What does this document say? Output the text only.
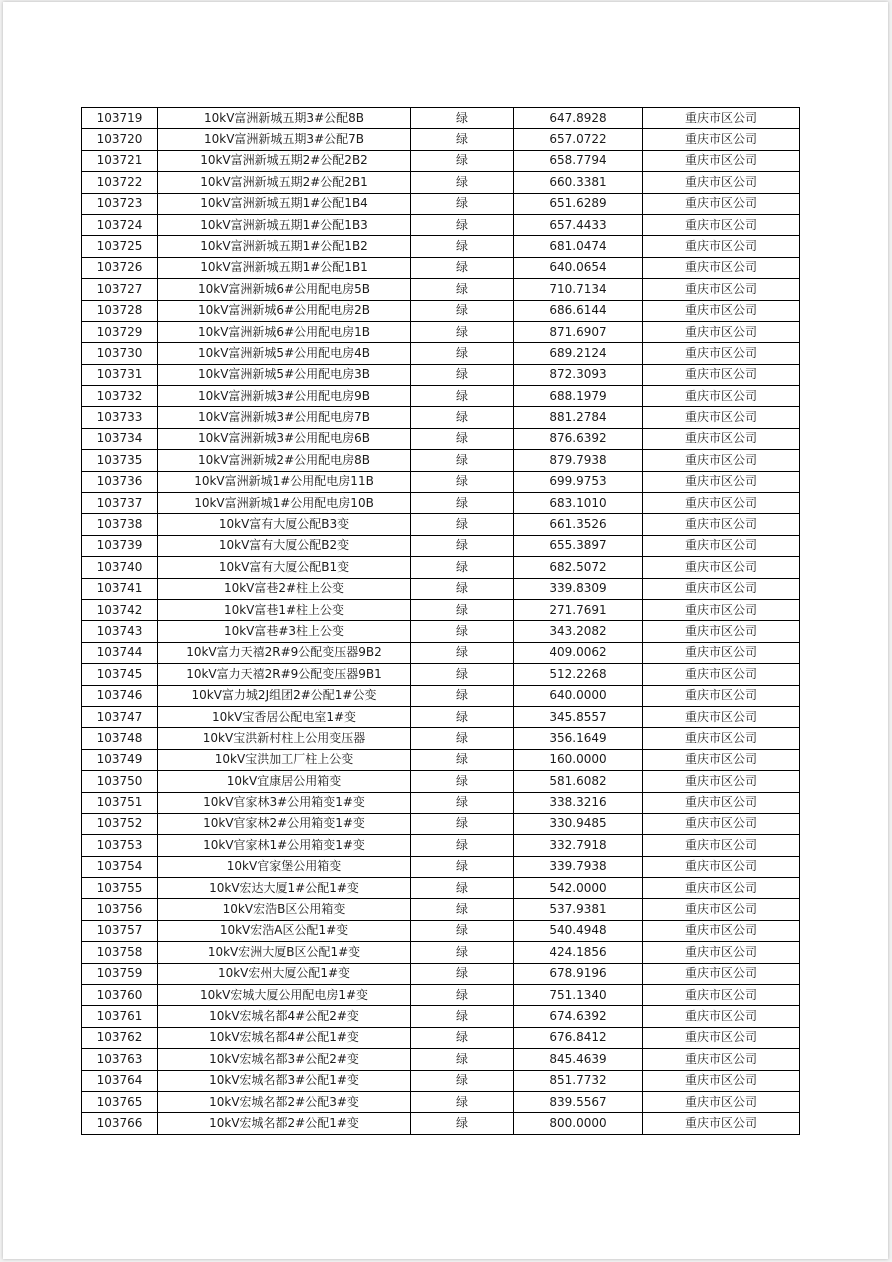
103719	10kV富洲新城五期3#公配8B	绿	647.8928	重庆市区公司
103720	10kV富洲新城五期3#公配7B	绿	657.0722	重庆市区公司
103721	10kV富洲新城五期2#公配2B2	绿	658.7794	重庆市区公司
103722	10kV富洲新城五期2#公配2B1	绿	660.3381	重庆市区公司
103723	10kV富洲新城五期1#公配1B4	绿	651.6289	重庆市区公司
103724	10kV富洲新城五期1#公配1B3	绿	657.4433	重庆市区公司
103725	10kV富洲新城五期1#公配1B2	绿	681.0474	重庆市区公司
103726	10kV富洲新城五期1#公配1B1	绿	640.0654	重庆市区公司
103727	10kV富洲新城6#公用配电房5B	绿	710.7134	重庆市区公司
103728	10kV富洲新城6#公用配电房2B	绿	686.6144	重庆市区公司
103729	10kV富洲新城6#公用配电房1B	绿	871.6907	重庆市区公司
103730	10kV富洲新城5#公用配电房4B	绿	689.2124	重庆市区公司
103731	10kV富洲新城5#公用配电房3B	绿	872.3093	重庆市区公司
103732	10kV富洲新城3#公用配电房9B	绿	688.1979	重庆市区公司
103733	10kV富洲新城3#公用配电房7B	绿	881.2784	重庆市区公司
103734	10kV富洲新城3#公用配电房6B	绿	876.6392	重庆市区公司
103735	10kV富洲新城2#公用配电房8B	绿	879.7938	重庆市区公司
103736	10kV富洲新城1#公用配电房11B	绿	699.9753	重庆市区公司
103737	10kV富洲新城1#公用配电房10B	绿	683.1010	重庆市区公司
103738	10kV富有大厦公配B3变	绿	661.3526	重庆市区公司
103739	10kV富有大厦公配B2变	绿	655.3897	重庆市区公司
103740	10kV富有大厦公配B1变	绿	682.5072	重庆市区公司
103741	10kV富巷2#柱上公变	绿	339.8309	重庆市区公司
103742	10kV富巷1#柱上公变	绿	271.7691	重庆市区公司
103743	10kV富巷#3柱上公变	绿	343.2082	重庆市区公司
103744	10kV富力天禧2R#9公配变压器9B2	绿	409.0062	重庆市区公司
103745	10kV富力天禧2R#9公配变压器9B1	绿	512.2268	重庆市区公司
103746	10kV富力城2J组团2#公配1#公变	绿	640.0000	重庆市区公司
103747	10kV宝香居公配电室1#变	绿	345.8557	重庆市区公司
103748	10kV宝洪新村柱上公用变压器	绿	356.1649	重庆市区公司
103749	10kV宝洪加工厂柱上公变	绿	160.0000	重庆市区公司
103750	10kV宜康居公用箱变	绿	581.6082	重庆市区公司
103751	10kV官家林3#公用箱变1#变	绿	338.3216	重庆市区公司
103752	10kV官家林2#公用箱变1#变	绿	330.9485	重庆市区公司
103753	10kV官家林1#公用箱变1#变	绿	332.7918	重庆市区公司
103754	10kV官家堡公用箱变	绿	339.7938	重庆市区公司
103755	10kV宏达大厦1#公配1#变	绿	542.0000	重庆市区公司
103756	10kV宏浩B区公用箱变	绿	537.9381	重庆市区公司
103757	10kV宏浩A区公配1#变	绿	540.4948	重庆市区公司
103758	10kV宏洲大厦B区公配1#变	绿	424.1856	重庆市区公司
103759	10kV宏州大厦公配1#变	绿	678.9196	重庆市区公司
103760	10kV宏城大厦公用配电房1#变	绿	751.1340	重庆市区公司
103761	10kV宏城名都4#公配2#变	绿	674.6392	重庆市区公司
103762	10kV宏城名都4#公配1#变	绿	676.8412	重庆市区公司
103763	10kV宏城名都3#公配2#变	绿	845.4639	重庆市区公司
103764	10kV宏城名都3#公配1#变	绿	851.7732	重庆市区公司
103765	10kV宏城名都2#公配3#变	绿	839.5567	重庆市区公司
103766	10kV宏城名都2#公配1#变	绿	800.0000	重庆市区公司
